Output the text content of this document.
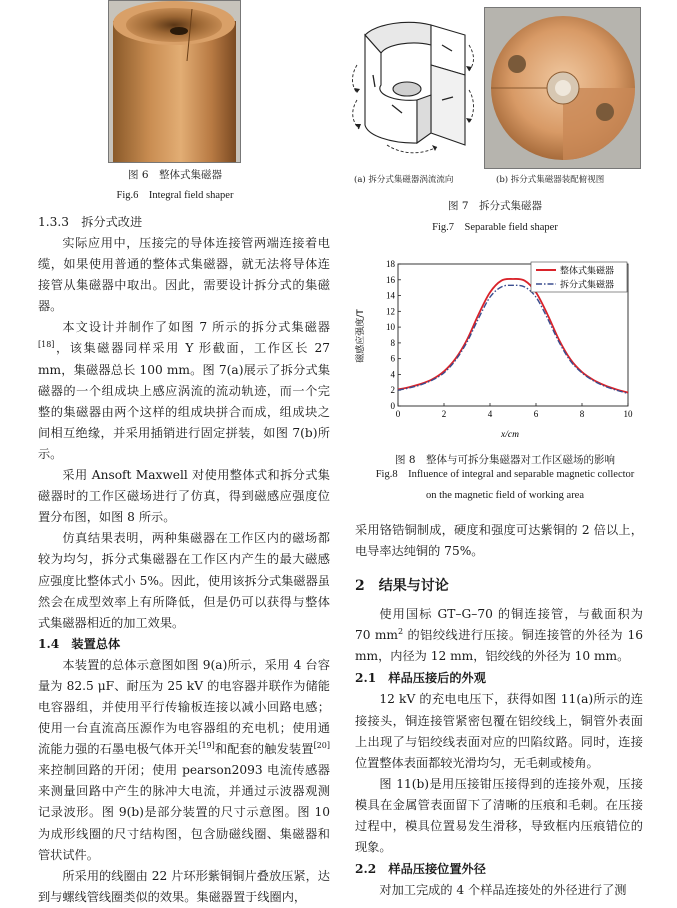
图 6　整体式集磁器
Fig.6　Integral field shaper
1.3.3　拆分式改进

实际应用中，压接完的导体连接管两端连接着电缆，如果使用普通的整体式集磁器，就无法将导体连接管从集磁器中取出。因此，需要设计拆分式的集磁器。

本文设计并制作了如图 7 所示的拆分式集磁器[18]，该集磁器同样采用 Y 形截面，工作区长 27 mm，集磁器总长 100 mm。图 7(a)展示了拆分式集磁器的一个组成块上感应涡流的流动轨迹，而一个完整的集磁器由两个这样的组成块拼合而成，组成块之间相互绝缘，并采用插销进行固定拼装，如图 7(b)所示。

采用 Ansoft Maxwell 对使用整体式和拆分式集磁器时的工作区磁场进行了仿真，得到磁感应强度位置分布图，如图 8 所示。

仿真结果表明，两种集磁器在工作区内的磁场都较为均匀，拆分式集磁器在工作区内产生的最大磁感应强度比整体式小 5%。因此，使用该拆分式集磁器虽然会在成型效率上有所降低，但是仍可以获得与整体式集磁器相近的加工效果。

1.4　装置总体

本装置的总体示意图如图 9(a)所示，采用 4 台容量为 82.5 μF、耐压为 25 kV 的电容器并联作为储能电容器组，并使用平行传输板连接以减小回路电感；使用一台直流高压源作为电容器组的充电机；使用通流能力强的石墨电极气体开关[19]和配套的触发装置[20]来控制回路的开闭；使用 pearson2093 电流传感器来测量回路中产生的脉冲大电流，并通过示波器观测记录波形。图 9(b)是部分装置的尺寸示意图。图 10 为成形线圈的尺寸结构图，包含励磁线圈、集磁器和管状试件。

所采用的线圈由 22 片环形紫铜铜片叠放压紧，达到与螺线管线圈类似的效果。集磁器置于线圈内，

(a) 拆分式集磁器涡流流向	(b) 拆分式集磁器装配俯视图
图 7　拆分式集磁器
Fig.7　Separable field shaper
0	2	4	6	8	10
0
2
4
6
8
10
12
14
16
18
磁感应强度/T
x/cm
整体式集磁器
拆分式集磁器
图 8　整体与可拆分集磁器对工作区磁场的影响
Fig.8　Influence of integral and separable magnetic collector
on the magnetic field of working area

采用铬锆铜制成，硬度和强度可达紫铜的 2 倍以上，电导率达纯铜的 75%。

2　结果与讨论

使用国标 GT–G–70 的铜连接管，与截面积为 70 $mm^2$ 的铝绞线进行压接。铜连接管的外径为 16 mm，内径为 12 mm，铝绞线的外径为 10 mm。

2.1　样品压接后的外观

12 kV 的充电电压下，获得如图 11(a)所示的连接接头，铜连接管紧密包覆在铝绞线上，铜管外表面上出现了与铝绞线表面对应的凹陷纹路。同时，连接位置整体表面都较光滑均匀，无毛刺或棱角。

图 11(b)是用压接钳压接得到的连接外观，压接模具在金属管表面留下了清晰的压痕和毛刺。在压接过程中，模具位置易发生滑移，导致框内压痕错位的现象。

2.2　样品压接位置外径

对加工完成的 4 个样品连接处的外径进行了测
